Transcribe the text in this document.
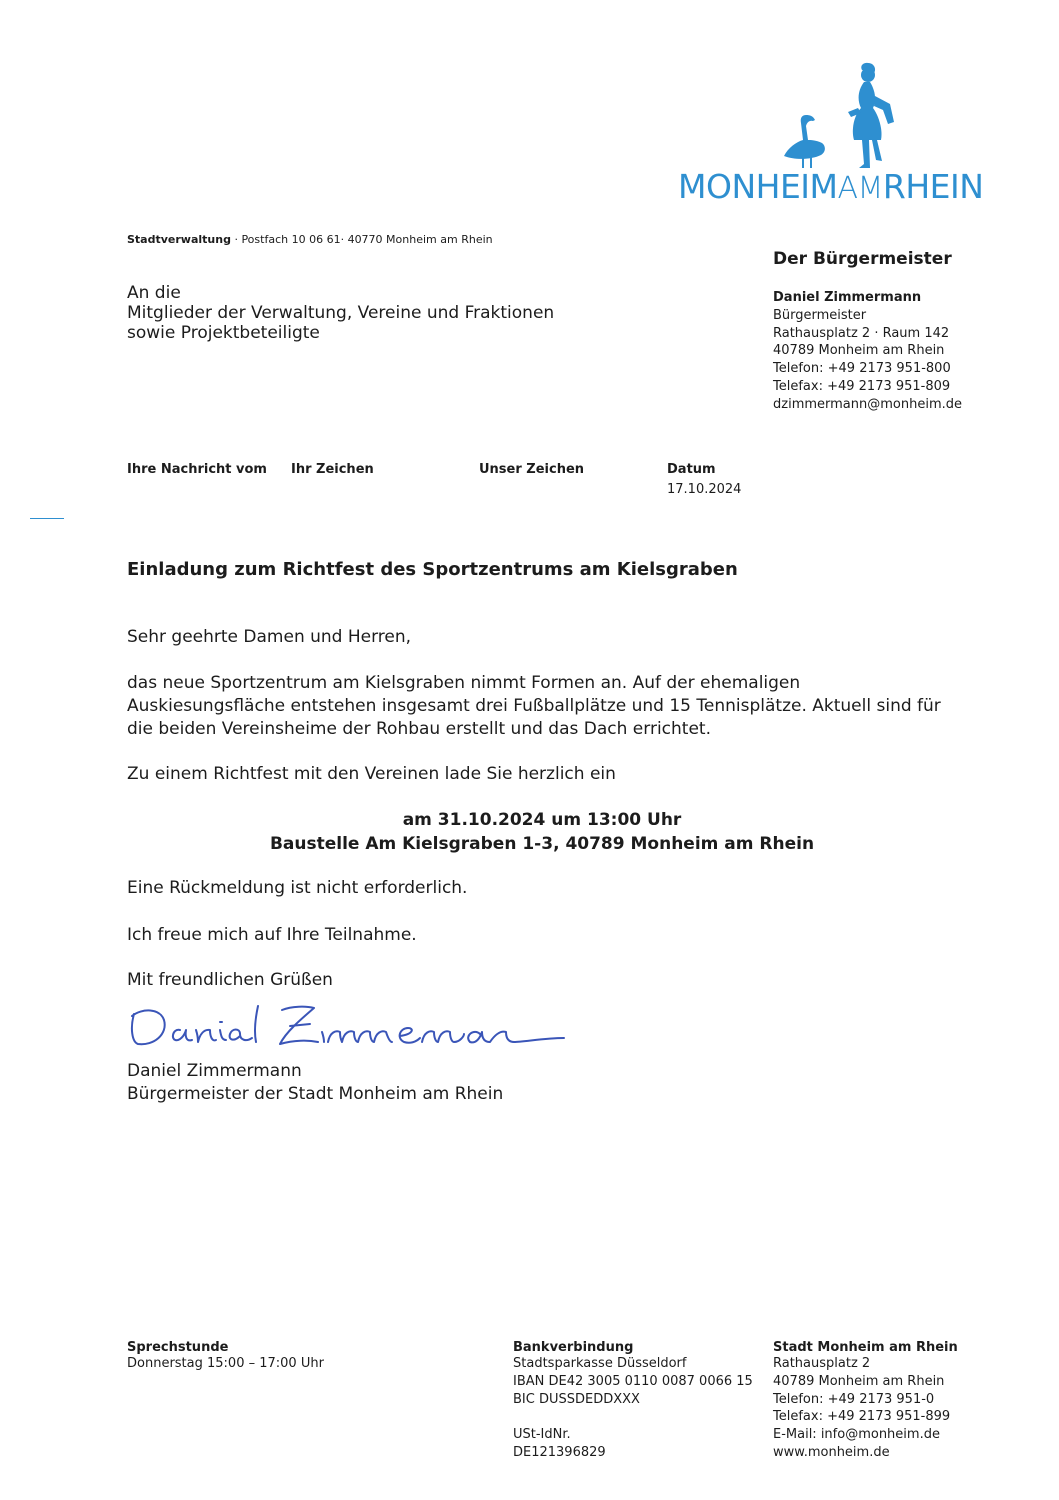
MONHEIMAMRHEIN
Stadtverwaltung · Postfach 10 06 61· 40770 Monheim am Rhein
An die
Mitglieder der Verwaltung, Vereine und Fraktionen
sowie Projektbeteiligte
Der Bürgermeister
Daniel Zimmermann
Bürgermeister
Rathausplatz 2 · Raum 142
40789 Monheim am Rhein
Telefon: +49 2173 951-800
Telefax: +49 2173 951-809
dzimmermann@monheim.de
Ihre Nachricht vom Ihr Zeichen	Unser Zeichen	Datum
17.10.2024
Einladung zum Richtfest des Sportzentrums am Kielsgraben
Sehr geehrte Damen und Herren,
das neue Sportzentrum am Kielsgraben nimmt Formen an. Auf der ehemaligen Auskiesungsfläche entstehen insgesamt drei Fußballplätze und 15 Tennisplätze. Aktuell sind für die beiden Vereinsheime der Rohbau erstellt und das Dach errichtet.
Zu einem Richtfest mit den Vereinen lade Sie herzlich ein
am 31.10.2024 um 13:00 Uhr
Baustelle Am Kielsgraben 1-3, 40789 Monheim am Rhein
Eine Rückmeldung ist nicht erforderlich.
Ich freue mich auf Ihre Teilnahme.
Mit freundlichen Grüßen
Daniel Zimmermann
Bürgermeister der Stadt Monheim am Rhein
Sprechstunde
Donnerstag 15:00 – 17:00 Uhr
Bankverbindung
Stadtsparkasse Düsseldorf
IBAN DE42 3005 0110 0087 0066 15
BIC DUSSDEDDXXX
USt-IdNr.
DE121396829
Stadt Monheim am Rhein
Rathausplatz 2
40789 Monheim am Rhein
Telefon: +49 2173 951-0
Telefax: +49 2173 951-899
E-Mail: info@monheim.de
www.monheim.de
